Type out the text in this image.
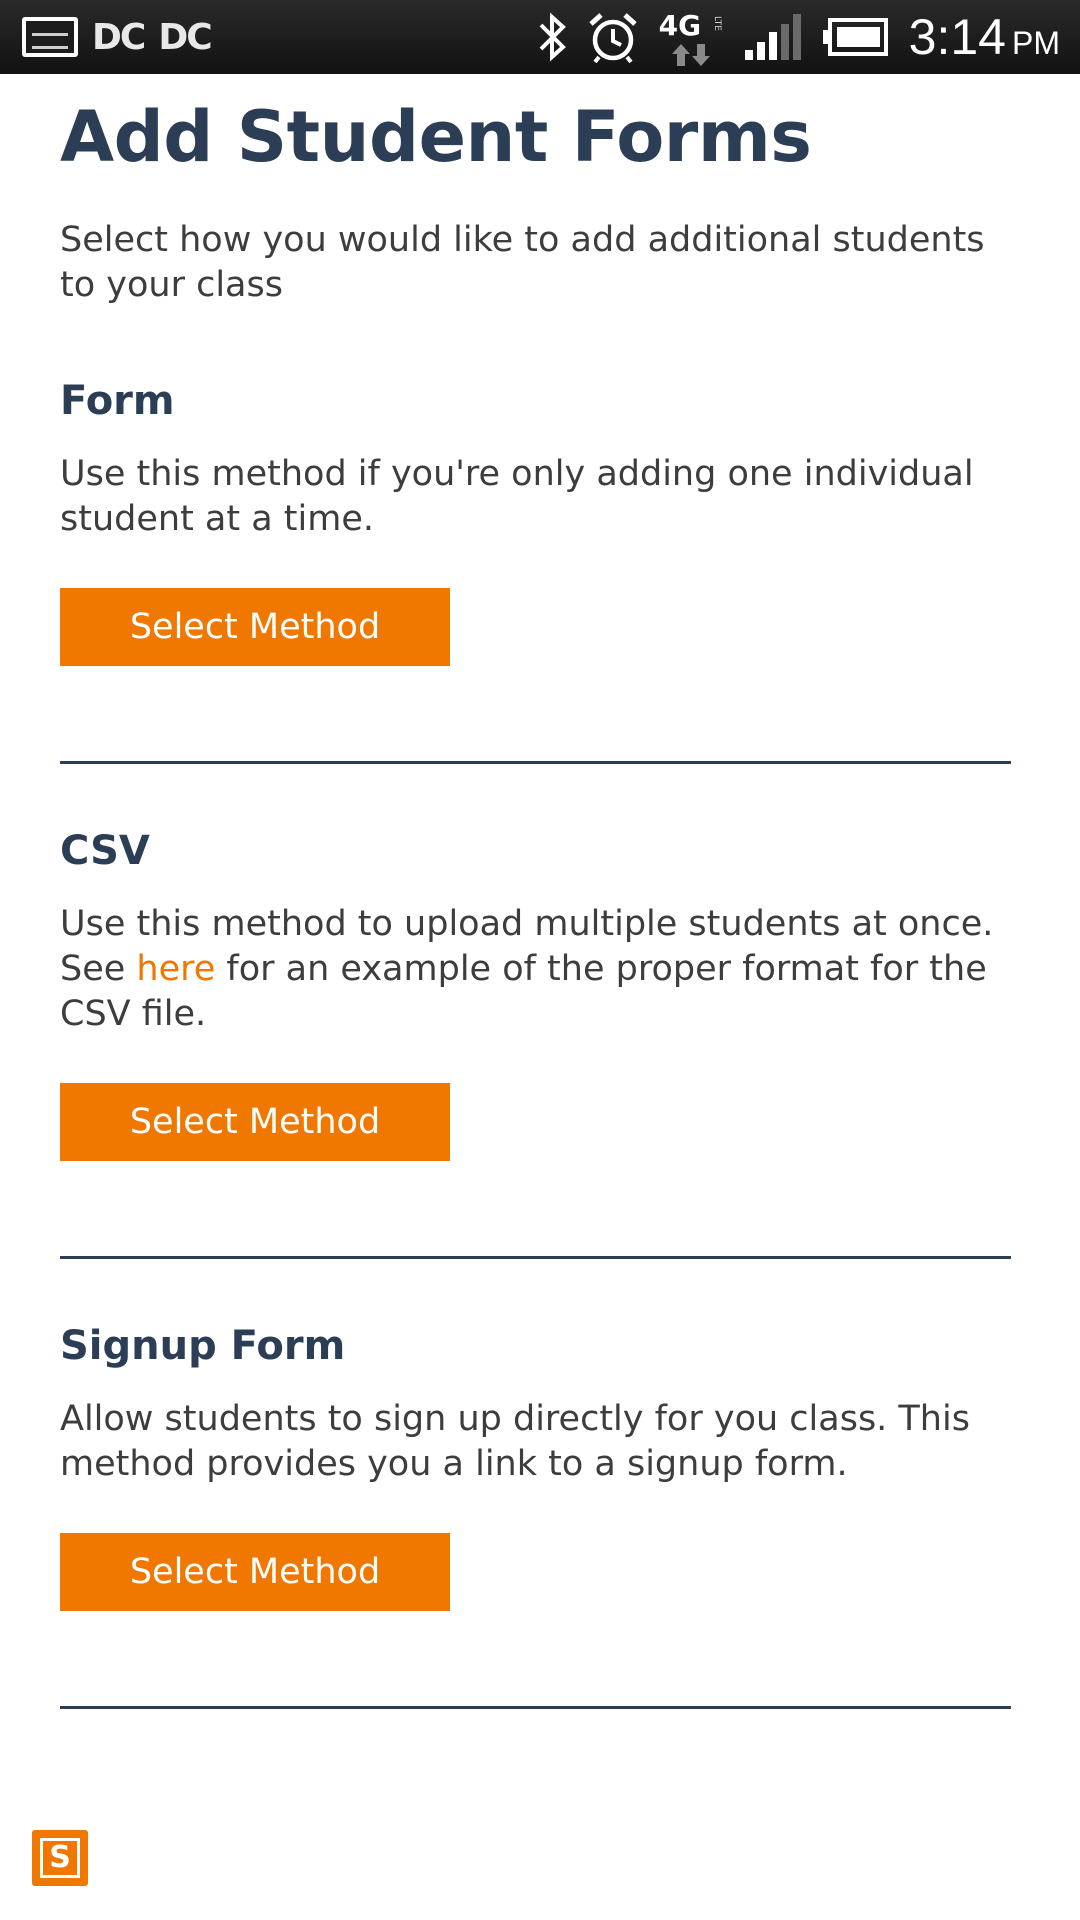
DC DC	4G LTE	3:14 PM
Add Student Forms
Select how you would like to add additional students to your class
Form
Use this method if you're only adding one individual student at a time.
Select Method
CSV
Use this method to upload multiple students at once. See here for an example of the proper format for the CSV file.
Select Method
Signup Form
Allow students to sign up directly for you class. This method provides you a link to a signup form.
Select Method
S
